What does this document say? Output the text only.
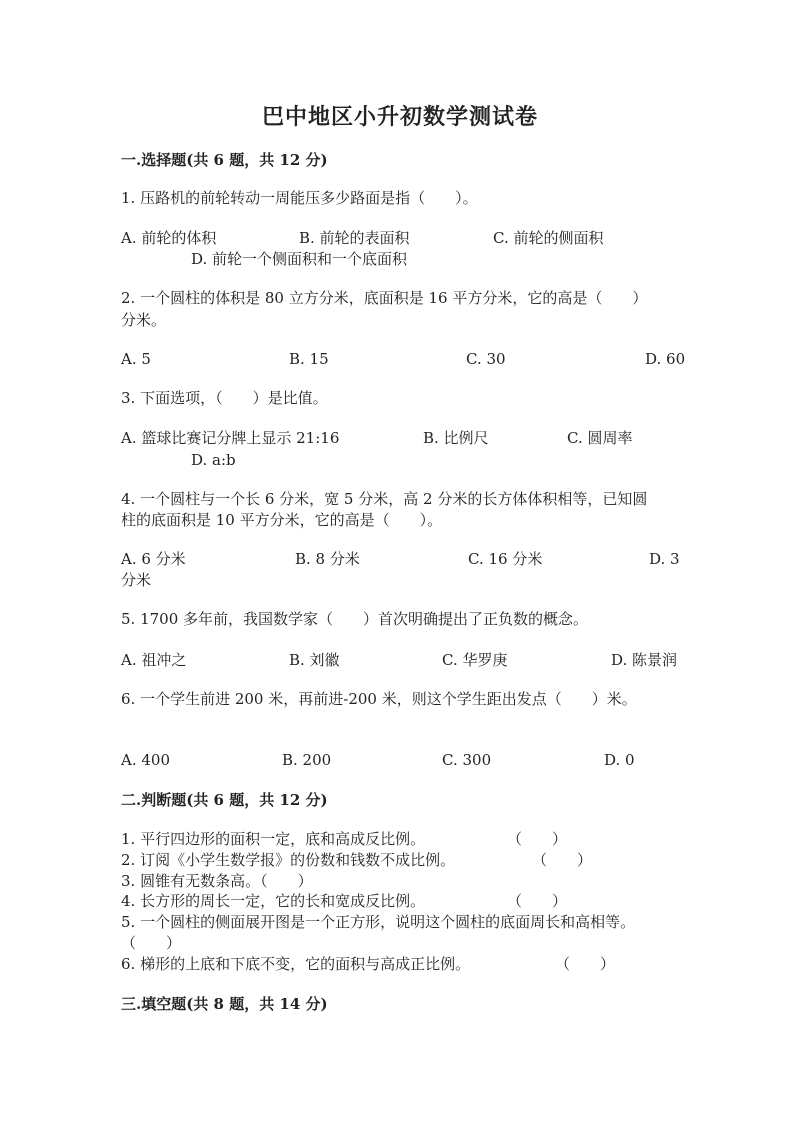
巴中地区小升初数学测试卷
一.选择题(共 6 题，共 12 分)
1. 压路机的前轮转动一周能压多少路面是指（　　）。
A. 前轮的体积	B. 前轮的表面积	C. 前轮的侧面积
D. 前轮一个侧面积和一个底面积
2. 一个圆柱的体积是 80 立方分米，底面积是 16 平方分米，它的高是（　　）
分米。
A. 5	B. 15	C. 30	D. 60
3. 下面选项，（　　）是比值。
A. 篮球比赛记分牌上显示 21:16	B. 比例尺	C. 圆周率
D. a:b
4. 一个圆柱与一个长 6 分米，宽 5 分米，高 2 分米的长方体体积相等，已知圆
柱的底面积是 10 平方分米，它的高是（　　）。
A. 6 分米	B. 8 分米	C. 16 分米	D. 3
分米
5. 1700 多年前，我国数学家（　　）首次明确提出了正负数的概念。
A. 祖冲之	B. 刘徽	C. 华罗庚	D. 陈景润
6. 一个学生前进 200 米，再前进-200 米，则这个学生距出发点（　　）米。
A. 400	B. 200	C. 300	D. 0
二.判断题(共 6 题，共 12 分)
1. 平行四边形的面积一定，底和高成反比例。	（　　）
2. 订阅《小学生数学报》的份数和钱数不成比例。	（　　）
3. 圆锥有无数条高。（　　）
4. 长方形的周长一定，它的长和宽成反比例。	（　　）
5. 一个圆柱的侧面展开图是一个正方形，说明这个圆柱的底面周长和高相等。
（　　）
6. 梯形的上底和下底不变，它的面积与高成正比例。	（　　）
三.填空题(共 8 题，共 14 分)
